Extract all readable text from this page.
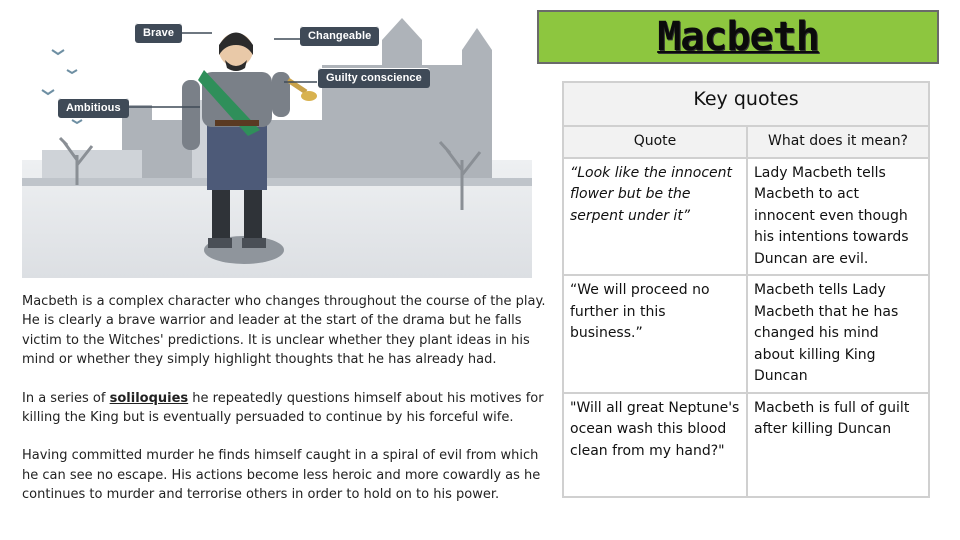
Brave	Changeable
Guilty conscience
Ambitious
Macbeth
Key quotes	
Quote	What does it mean?
“Look like the innocent flower but be the serpent under it”	Lady Macbeth tells Macbeth to act innocent even though his intentions towards Duncan are evil.
“We will proceed no further in this business.”	Macbeth tells Lady Macbeth that he has changed his mind about killing King Duncan
"Will all great Neptune's ocean wash this blood clean from my hand?"	Macbeth is full of guilt after killing Duncan

Macbeth is a complex character who changes throughout the course of the play. He is clearly a brave warrior and leader at the start of the drama but he falls victim to the Witches' predictions. It is unclear whether they plant ideas in his mind or whether they simply highlight thoughts that he has already had.

In a series of soliloquies he repeatedly questions himself about his motives for killing the King but is eventually persuaded to continue by his forceful wife.

Having committed murder he finds himself caught in a spiral of evil from which he can see no escape. His actions become less heroic and more cowardly as he continues to murder and terrorise others in order to hold on to his power.
